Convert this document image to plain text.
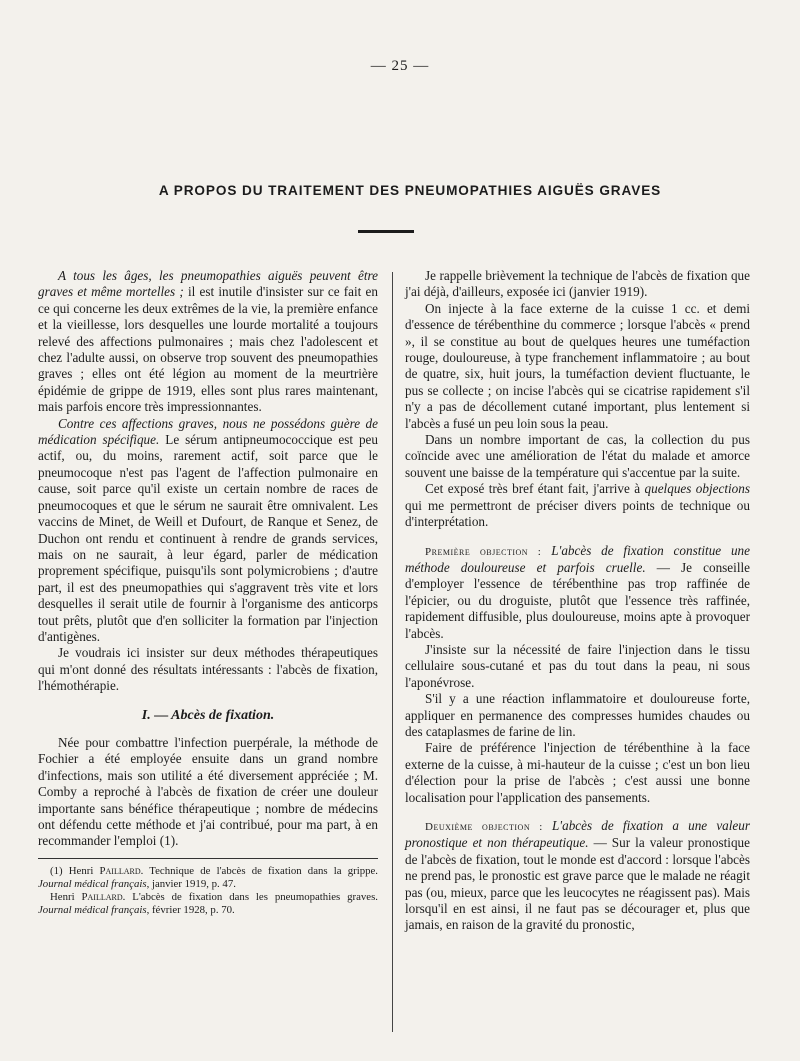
— 25 —
A PROPOS DU TRAITEMENT DES PNEUMOPATHIES AIGUËS GRAVES

A tous les âges, les pneumopathies aiguës peuvent être graves et même mortelles ; il est inutile d'insister sur ce fait en ce qui concerne les deux extrêmes de la vie, la première enfance et la vieillesse, lors desquelles une lourde mortalité a toujours relevé des affections pulmonaires ; mais chez l'adolescent et chez l'adulte aussi, on observe trop souvent des pneumopathies graves ; elles ont été légion au moment de la meurtrière épidémie de grippe de 1919, elles sont plus rares maintenant, mais parfois encore très impressionnantes.

Contre ces affections graves, nous ne possédons guère de médication spécifique. Le sérum antipneumococcique est peu actif, ou, du moins, rarement actif, soit parce que le pneumocoque n'est pas l'agent de l'affection pulmonaire en cause, soit parce qu'il existe un certain nombre de races de pneumocoques et que le sérum ne saurait être omnivalent. Les vaccins de Minet, de Weill et Dufourt, de Ranque et Senez, de Duchon ont rendu et continuent à rendre de grands services, mais on ne saurait, à leur égard, parler de médication proprement spécifique, puisqu'ils sont polymicrobiens ; d'autre part, il est des pneumopathies qui s'aggravent très vite et lors desquelles il serait utile de fournir à l'organisme des anticorps tout prêts, plutôt que d'en solliciter la formation par l'injection d'antigènes.

Je voudrais ici insister sur deux méthodes thérapeutiques qui m'ont donné des résultats intéressants : l'abcès de fixation, l'hémothérapie.

I. — Abcès de fixation.

Née pour combattre l'infection puerpérale, la méthode de Fochier a été employée ensuite dans un grand nombre d'infections, mais son utilité a été diversement appréciée ; M. Comby a reproché à l'abcès de fixation de créer une douleur importante sans bénéfice thérapeutique ; nombre de médecins ont défendu cette méthode et j'ai contribué, pour ma part, à en recommander l'emploi (1).

(1) Henri Paillard. Technique de l'abcès de fixation dans la grippe. Journal médical français, janvier 1919, p. 47.

Henri Paillard. L'abcès de fixation dans les pneumopathies graves. Journal médical français, février 1928, p. 70.

Je rappelle brièvement la technique de l'abcès de fixation que j'ai déjà, d'ailleurs, exposée ici (janvier 1919).

On injecte à la face externe de la cuisse 1 cc. et demi d'essence de térébenthine du commerce ; lorsque l'abcès « prend », il se constitue au bout de quelques heures une tuméfaction rouge, douloureuse, à type franchement inflammatoire ; au bout de quatre, six, huit jours, la tuméfaction devient fluctuante, le pus se collecte ; on incise l'abcès qui se cicatrise rapidement s'il n'y a pas de décollement cutané important, plus lentement si l'abcès a fusé un peu loin sous la peau.

Dans un nombre important de cas, la collection du pus coïncide avec une amélioration de l'état du malade et amorce souvent une baisse de la température qui s'accentue par la suite.

Cet exposé très bref étant fait, j'arrive à quelques objections qui me permettront de préciser divers points de technique ou d'interprétation.

Première objection : L'abcès de fixation constitue une méthode douloureuse et parfois cruelle. — Je conseille d'employer l'essence de térébenthine pas trop raffinée de l'épicier, ou du droguiste, plutôt que l'essence très raffinée, rapidement diffusible, plus douloureuse, moins apte à provoquer l'abcès.

J'insiste sur la nécessité de faire l'injection dans le tissu cellulaire sous-cutané et pas du tout dans la peau, ni sous l'aponévrose.

S'il y a une réaction inflammatoire et douloureuse forte, appliquer en permanence des compresses humides chaudes ou des cataplasmes de farine de lin.

Faire de préférence l'injection de térébenthine à la face externe de la cuisse, à mi-hauteur de la cuisse ; c'est un bon lieu d'élection pour la prise de l'abcès ; c'est aussi une bonne localisation pour l'application des pansements.

Deuxième objection : L'abcès de fixation a une valeur pronostique et non thérapeutique. — Sur la valeur pronostique de l'abcès de fixation, tout le monde est d'accord : lorsque l'abcès ne prend pas, le pronostic est grave parce que le malade ne réagit pas (ou, mieux, parce que les leucocytes ne réagissent pas). Mais lorsqu'il en est ainsi, il ne faut pas se décourager et, plus que jamais, en raison de la gravité du pronostic,
